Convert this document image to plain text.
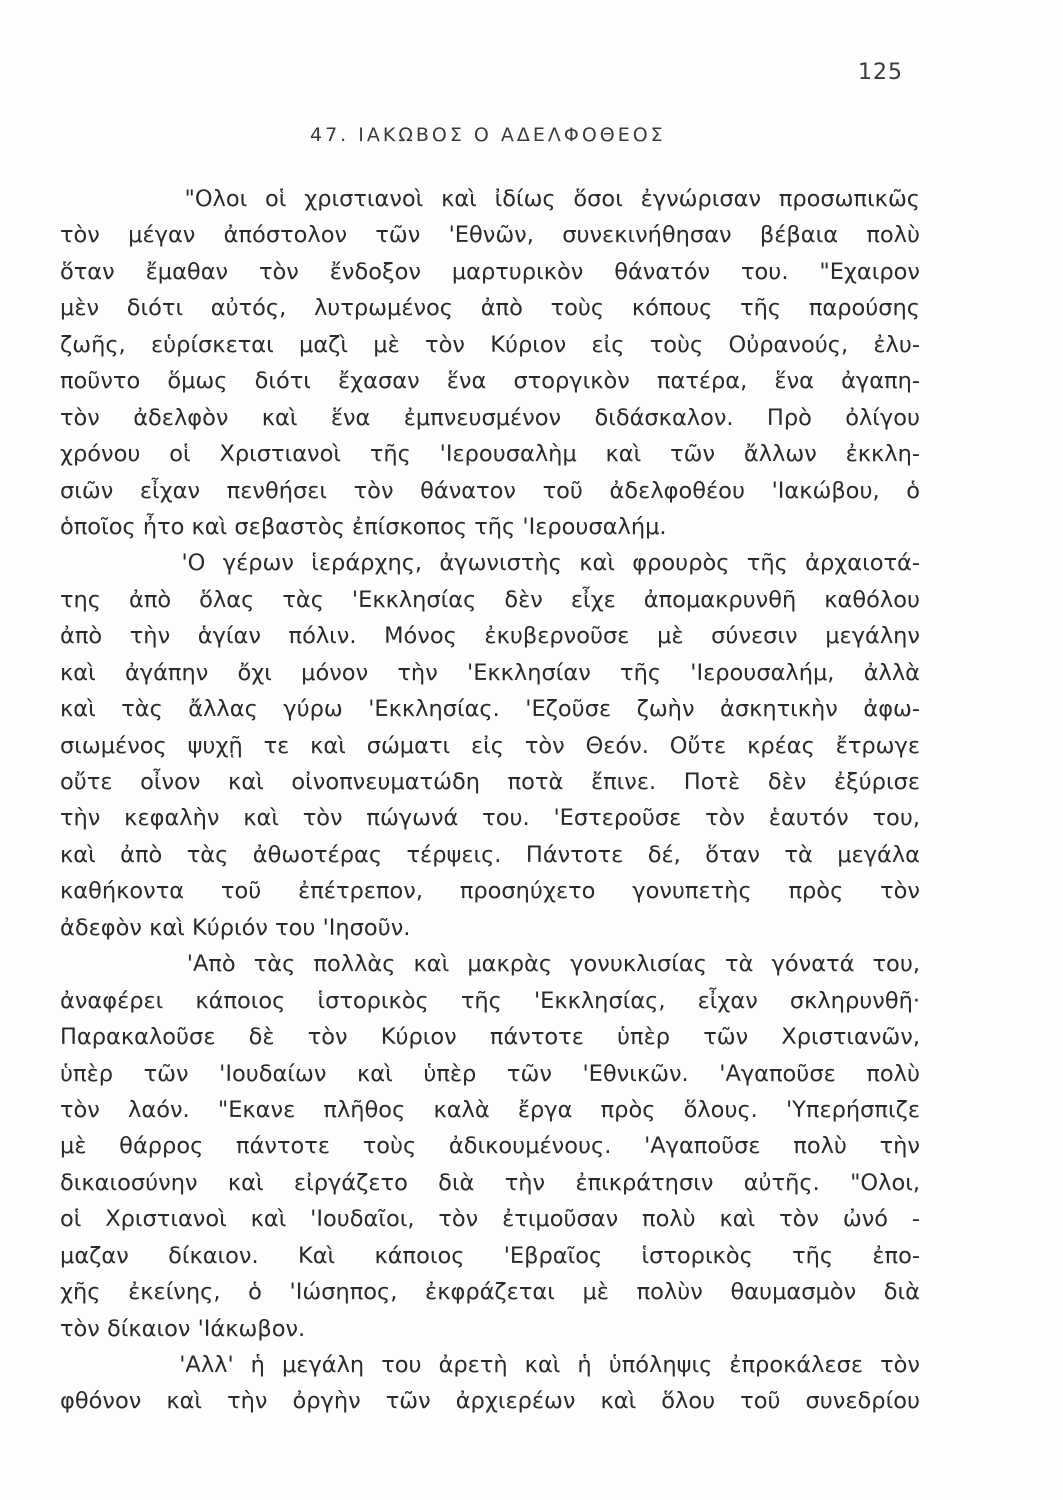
125
47. ΙΑΚΩΒΟΣ Ο ΑΔΕΛΦΟΘΕΟΣ
"Ολοι οἱ χριστιανοὶ καὶ ἰδίως ὅσοι ἐγνώρισαν προσωπικῶς
τὸν μέγαν ἀπόστολον τῶν 'Εθνῶν, συνεκινήθησαν βέβαια πολὺ
ὅταν ἔμαθαν τὸν ἔνδοξον μαρτυρικὸν θάνατόν του. "Εχαιρον
μὲν διότι αὐτός, λυτρωμένος ἀπὸ τοὺς κόπους τῆς παρούσης
ζωῆς, εὑρίσκεται μαζὶ μὲ τὸν Κύριον εἰς τοὺς Οὐρανούς, ἐλυ-
ποῦντο ὅμως διότι ἔχασαν ἕνα στοργικὸν πατέρα, ἕνα ἀγαπη-
τὸν ἀδελφὸν καὶ ἕνα ἐμπνευσμένον διδάσκαλον. Πρὸ ὀλίγου
χρόνου οἱ Χριστιανοὶ τῆς 'Ιερουσαλὴμ καὶ τῶν ἄλλων ἐκκλη-
σιῶν εἶχαν πενθήσει τὸν θάνατον τοῦ ἀδελφοθέου 'Ιακώβου, ὁ
ὁποῖος ἦτο καὶ σεβαστὸς ἐπίσκοπος τῆς 'Ιερουσαλήμ.
'Ο γέρων ἱεράρχης, ἀγωνιστὴς καὶ φρουρὸς τῆς ἀρχαιοτά-
της ἀπὸ ὅλας τὰς 'Εκκλησίας δὲν εἶχε ἀπομακρυνθῆ καθόλου
ἀπὸ τὴν ἁγίαν πόλιν. Μόνος ἐκυβερνοῦσε μὲ σύνεσιν μεγάλην
καὶ ἀγάπην ὄχι μόνον τὴν 'Εκκλησίαν τῆς 'Ιερουσαλήμ, ἀλλὰ
καὶ τὰς ἄλλας γύρω 'Εκκλησίας. 'Εζοῦσε ζωὴν ἀσκητικὴν ἀφω-
σιωμένος ψυχῇ τε καὶ σώματι εἰς τὸν Θεόν. Οὔτε κρέας ἔτρωγε
οὔτε οἶνον καὶ οἰνοπνευματώδη ποτὰ ἔπινε. Ποτὲ δὲν ἐξύρισε
τὴν κεφαλὴν καὶ τὸν πώγωνά του. 'Εστεροῦσε τὸν ἑαυτόν του,
καὶ ἀπὸ τὰς ἀθωοτέρας τέρψεις. Πάντοτε δέ, ὅταν τὰ μεγάλα
καθήκοντα τοῦ ἐπέτρεπον, προσηύχετο γονυπετὴς πρὸς τὸν
ἀδεφὸν καὶ Κύριόν του 'Ιησοῦν.
'Απὸ τὰς πολλὰς καὶ μακρὰς γονυκλισίας τὰ γόνατά του,
ἀναφέρει κάποιος ἱστορικὸς τῆς 'Εκκλησίας, εἶχαν σκληρυνθῆ·
Παρακαλοῦσε δὲ τὸν Κύριον πάντοτε ὑπὲρ τῶν Χριστιανῶν,
ὑπὲρ τῶν 'Ιουδαίων καὶ ὑπὲρ τῶν 'Εθνικῶν. 'Αγαποῦσε πολὺ
τὸν λαόν. "Εκανε πλῆθος καλὰ ἔργα πρὸς ὅλους. 'Υπερήσπιζε
μὲ θάρρος πάντοτε τοὺς ἀδικουμένους. 'Αγαποῦσε πολὺ τὴν
δικαιοσύνην καὶ εἰργάζετο διὰ τὴν ἐπικράτησιν αὐτῆς. "Ολοι,
οἱ Χριστιανοὶ καὶ 'Ιουδαῖοι, τὸν ἐτιμοῦσαν πολὺ καὶ τὸν ὠνό -
μαζαν δίκαιον. Καὶ κάποιος 'Εβραῖος ἱστορικὸς τῆς ἐπο-
χῆς ἐκείνης, ὁ 'Ιώσηπος, ἐκφράζεται μὲ πολὺν θαυμασμὸν διὰ
τὸν δίκαιον 'Ιάκωβον.
'Αλλ' ἡ μεγάλη του ἀρετὴ καὶ ἡ ὑπόληψις ἐπροκάλεσε τὸν
φθόνον καὶ τὴν ὀργὴν τῶν ἀρχιερέων καὶ ὅλου τοῦ συνεδρίου
